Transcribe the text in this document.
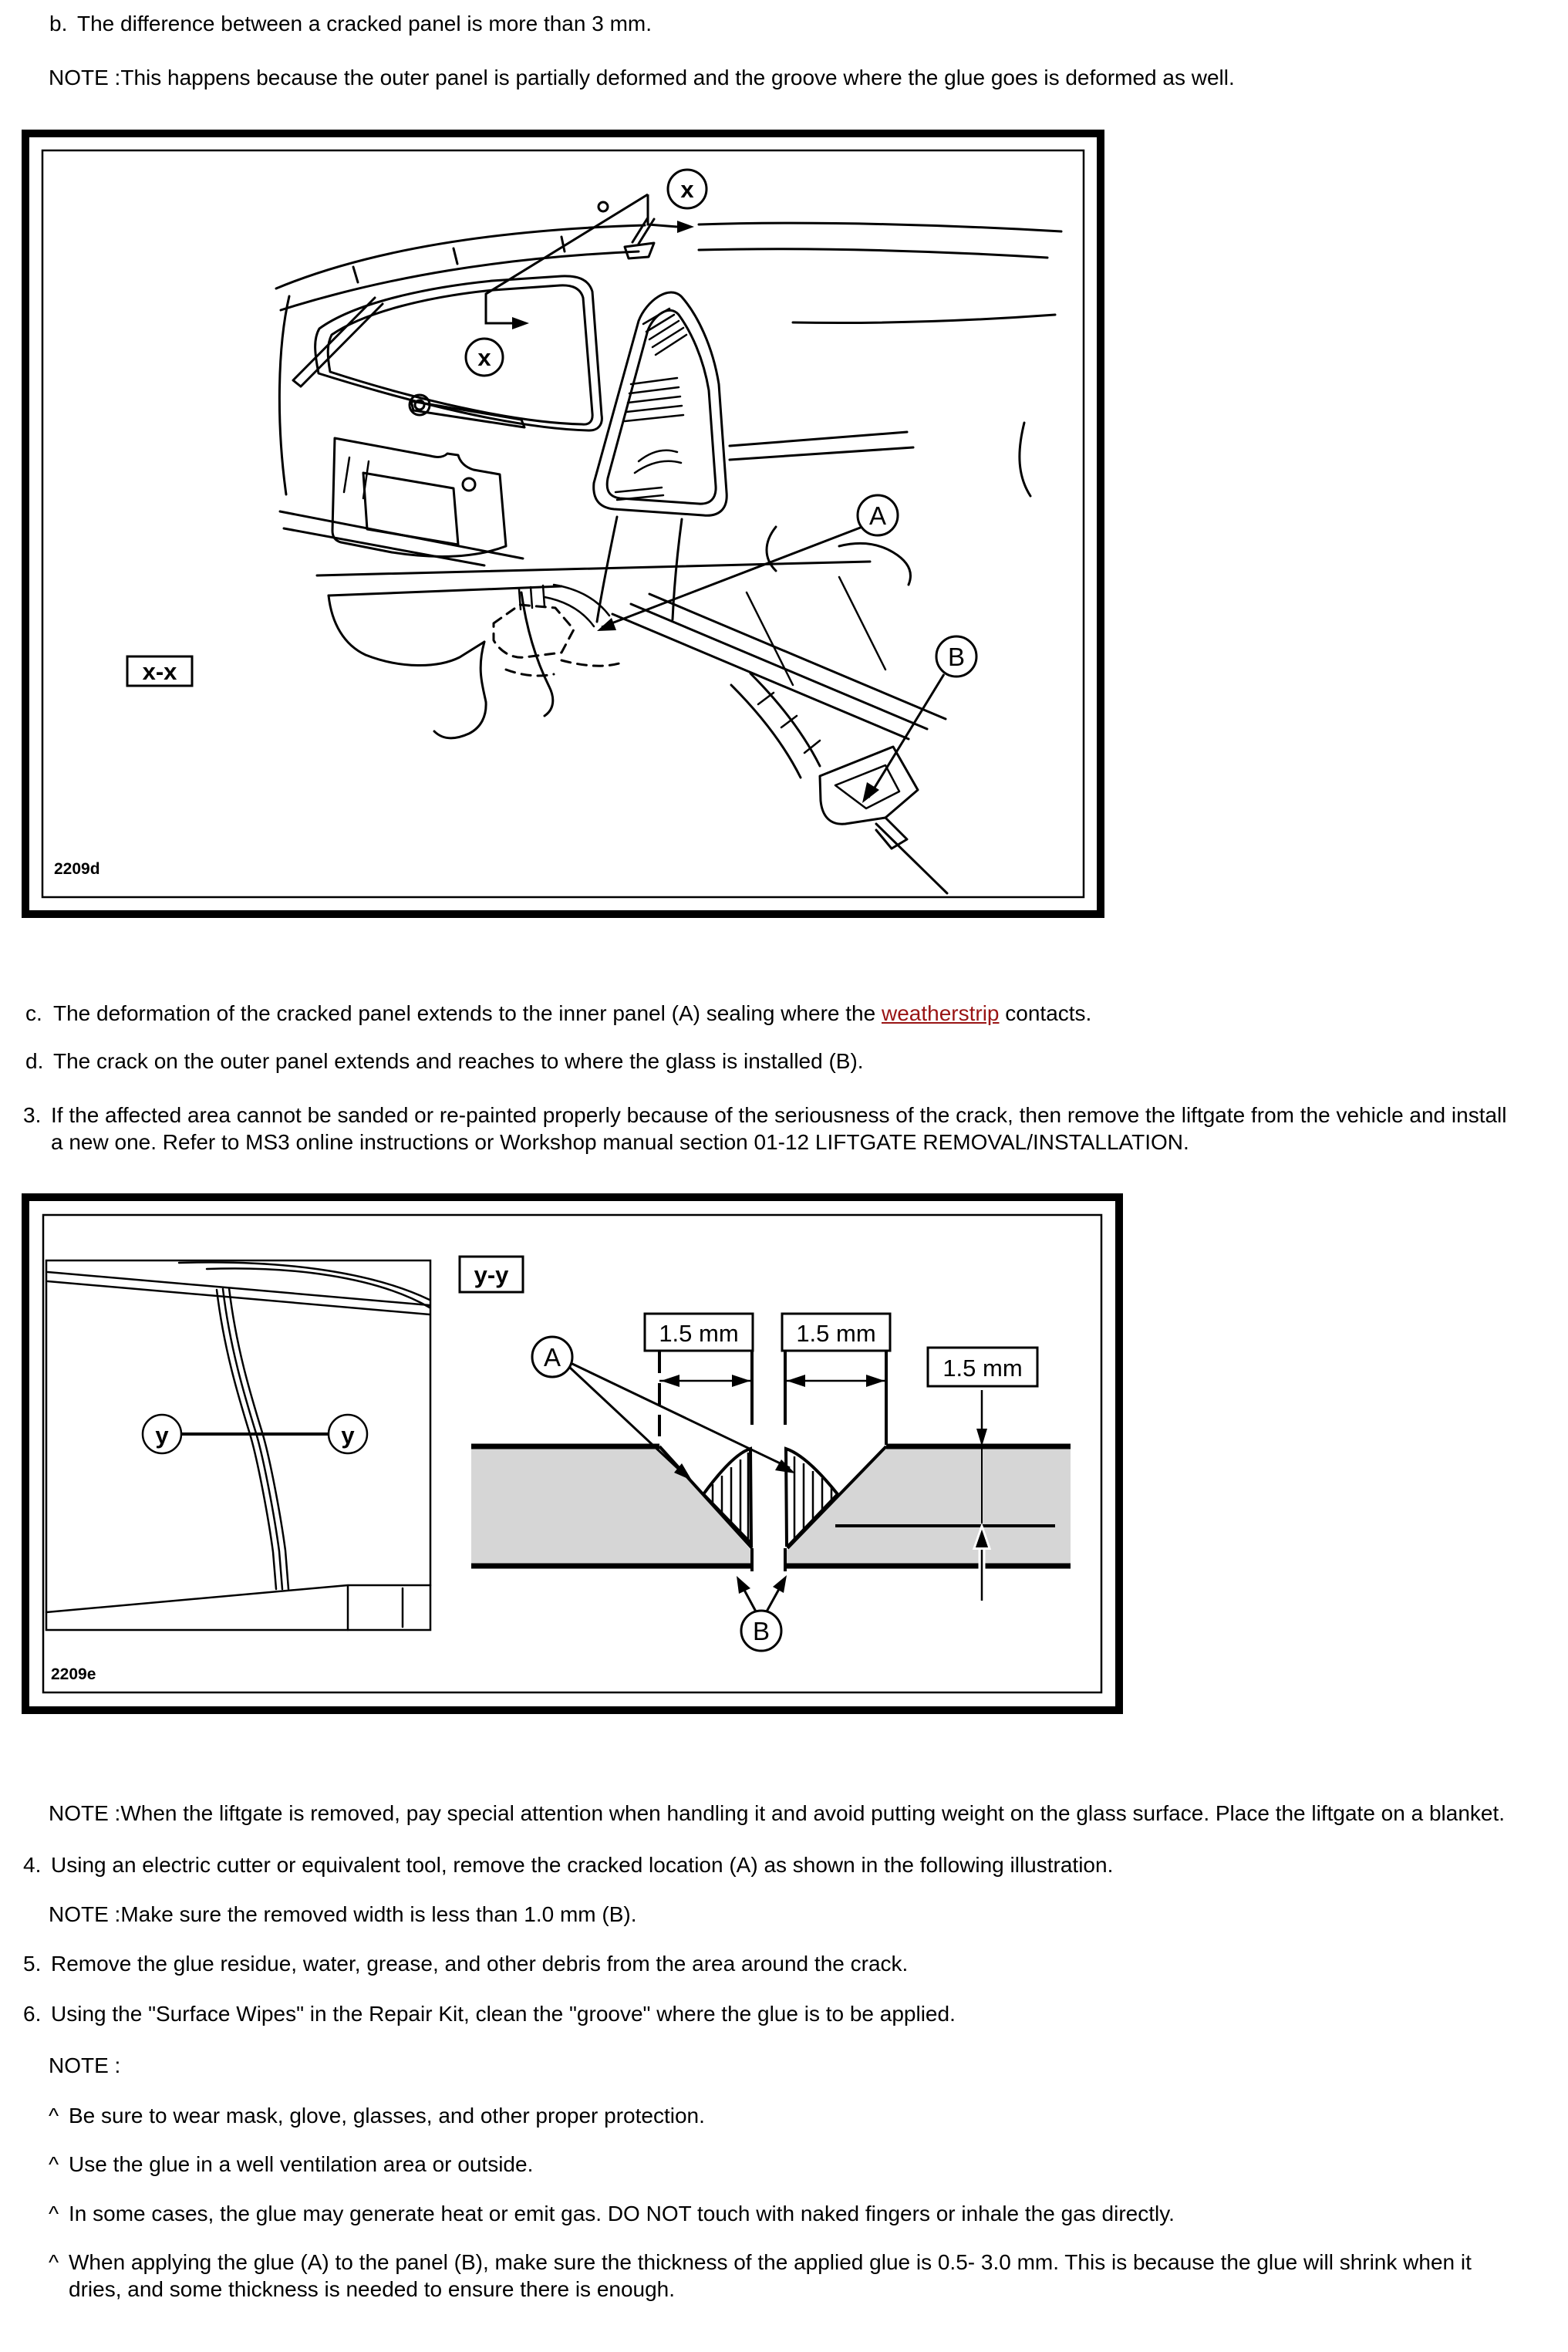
b. The difference between a cracked panel is more than 3 mm.

NOTE :This happens because the outer panel is partially deformed and the groove where the glue goes is deformed as well.

x
x
A
B
x-x
2209d
c. The deformation of the cracked panel extends to the inner panel (A) sealing where the weatherstrip contacts.
d. The crack on the outer panel extends and reaches to where the glass is installed (B).
3. If the affected area cannot be sanded or re-painted properly because of the seriousness of the crack, then remove the liftgate from the vehicle and install a new one. Refer to MS3 online instructions or Workshop manual section 01-12 LIFTGATE REMOVAL/INSTALLATION.
y	y
y-y
1.5 mm 1.5 mm
1.5 mm
A
B
2209e

NOTE :When the liftgate is removed, pay special attention when handling it and avoid putting weight on the glass surface. Place the liftgate on a blanket.

4. Using an electric cutter or equivalent tool, remove the cracked location (A) as shown in the following illustration.

NOTE :Make sure the removed width is less than 1.0 mm (B).

5. Remove the glue residue, water, grease, and other debris from the area around the crack.
6. Using the "Surface Wipes" in the Repair Kit, clean the "groove" where the glue is to be applied.

NOTE :

^ Be sure to wear mask, glove, glasses, and other proper protection.
^ Use the glue in a well ventilation area or outside.
^ In some cases, the glue may generate heat or emit gas. DO NOT touch with naked fingers or inhale the gas directly.
^ When applying the glue (A) to the panel (B), make sure the thickness of the applied glue is 0.5- 3.0 mm. This is because the glue will shrink when it dries, and some thickness is needed to ensure there is enough.
